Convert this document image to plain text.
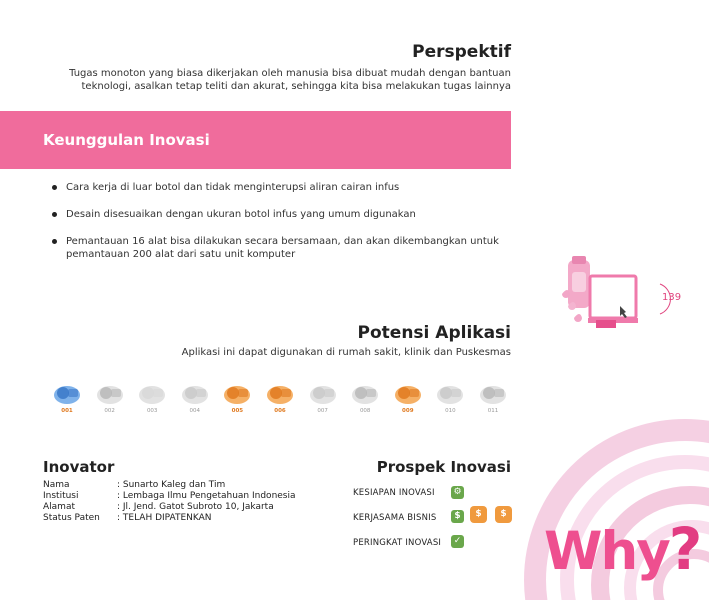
Perspektif
Tugas monoton yang biasa dikerjakan oleh manusia bisa dibuat mudah dengan bantuan teknologi, asalkan tetap teliti dan akurat, sehingga kita bisa melakukan tugas lainnya
Keunggulan Inovasi
Cara kerja di luar botol dan tidak menginterupsi aliran cairan infus
Desain disesuaikan dengan ukuran botol infus yang umum digunakan
Pemantauan 16 alat bisa dilakukan secara bersamaan, dan akan dikembangkan untuk pemantauan 200 alat dari satu unit komputer
139
Potensi Aplikasi
Aplikasi ini dapat digunakan di rumah sakit, klinik dan Puskesmas
001	002	003	004	005	006	007	008	009	010	011
Inovator
Nama	: Sunarto Kaleg dan Tim
Institusi	: Lembaga Ilmu Pengetahuan Indonesia
Alamat	: Jl. Jend. Gatot Subroto 10, Jakarta
Status Paten : TELAH DIPATENKAN
Prospek Inovasi
KESIAPAN INOVASI ⚙
KERJASAMA BISNIS	$	$	$
PERINGKAT INOVASI	✓ Why?
